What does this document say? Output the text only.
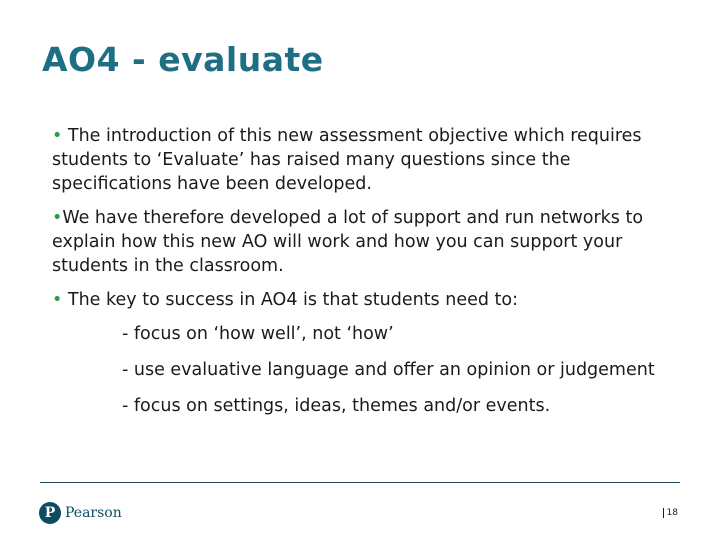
AO4 - evaluate

• The introduction of this new assessment objective which requires students to ‘Evaluate’ has raised many questions since the specifications have been developed.

•We have therefore developed a lot of support and run networks to explain how this new AO will work and how you can support your students in the classroom.

• The key to success in AO4 is that students need to:

- focus on ‘how well’, not ‘how’

- use evaluative language and offer an opinion or judgement

- focus on settings, ideas, themes and/or events.

P Pearson	18
